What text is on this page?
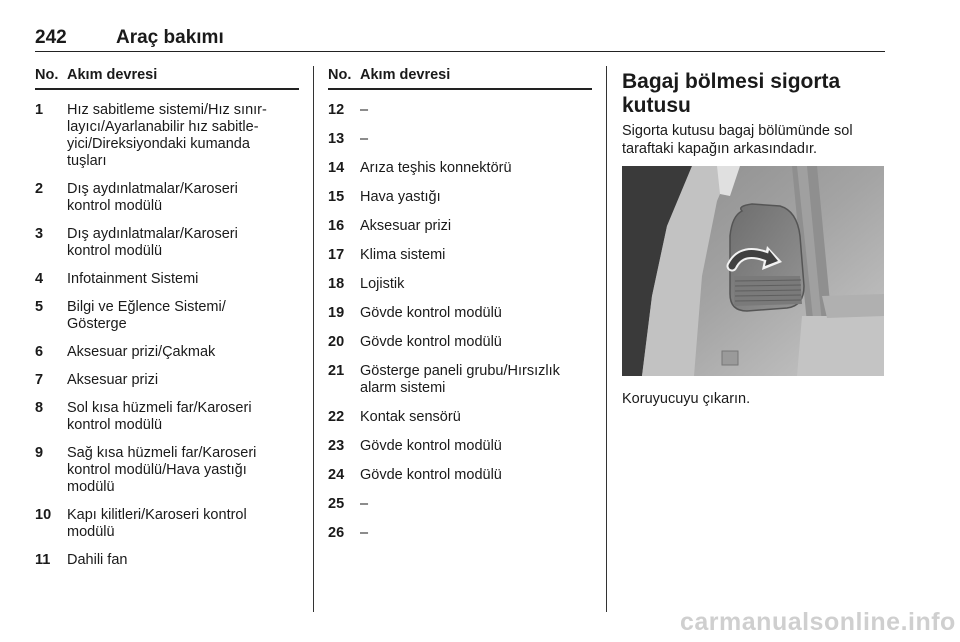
242	Araç bakımı
No. Akım devresi
1 Hız sabitleme sistemi/Hız sınır-
layıcı/Ayarlanabilir hız sabitle-
yici/Direksiyondaki kumanda
tuşları
2 Dış aydınlatmalar/Karoseri
kontrol modülü
3 Dış aydınlatmalar/Karoseri
kontrol modülü
4 Infotainment Sistemi
5 Bilgi ve Eğlence Sistemi/
Gösterge
6 Aksesuar prizi/Çakmak
7 Aksesuar prizi
8 Sol kısa hüzmeli far/Karoseri
kontrol modülü
9 Sağ kısa hüzmeli far/Karoseri
kontrol modülü/Hava yastığı
modülü
10 Kapı kilitleri/Karoseri kontrol
modülü
11 Dahili fan
No. Akım devresi
12 –
13 –
14 Arıza teşhis konnektörü
15 Hava yastığı
16 Aksesuar prizi
17 Klima sistemi
18 Lojistik
19 Gövde kontrol modülü
20 Gövde kontrol modülü
21 Gösterge paneli grubu/Hırsızlık
alarm sistemi
22 Kontak sensörü
23 Gövde kontrol modülü
24 Gövde kontrol modülü
25 –
26 –
Bagaj bölmesi sigorta
kutusu
Sigorta kutusu bagaj bölümünde sol
taraftaki kapağın arkasındadır.
Koruyucuyu çıkarın.
carmanualsonline.info
